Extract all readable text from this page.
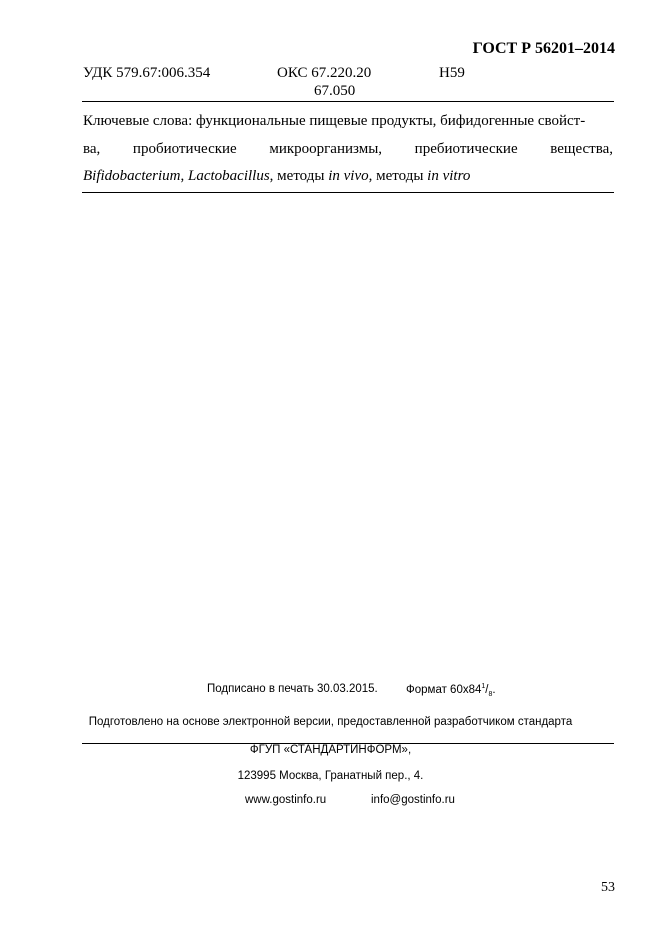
ГОСТ Р 56201–2014
УДК 579.67:006.354	ОКС 67.220.20
67.050
Н59
Ключевые слова: функциональные пищевые продукты, бифидогенные свойст-
ва, пробиотические микроорганизмы, пребиотические вещества,
Bifidobacterium, Lactobacillus, методы in vivo, методы in vitro
Подписано в печать 30.03.2015. Формат $60x84^1/_8$.
Подготовлено на основе электронной версии, предоставленной разработчиком стандарта
ФГУП «СТАНДАРТИНФОРМ»,
123995 Москва, Гранатный пер., 4.
www.gostinfo.ru	info@gostinfo.ru
53
